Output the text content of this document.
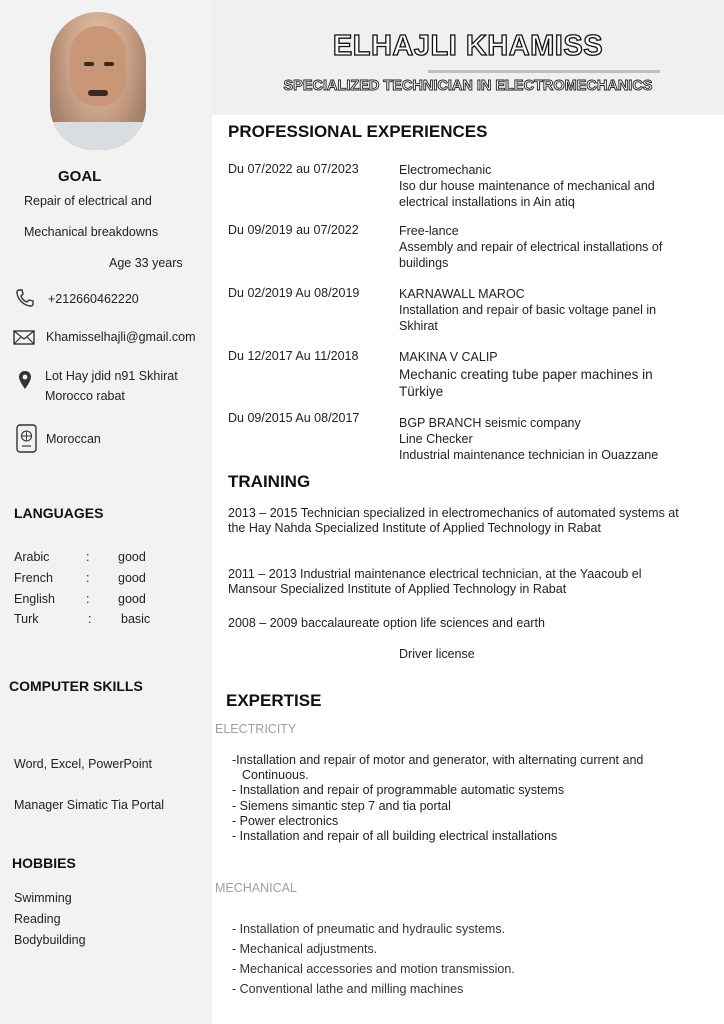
GOAL
Repair of electrical and
Mechanical breakdowns
Age 33 years
+212660462220
Khamisselhajli@gmail.com
Lot Hay jdid n91 Skhirat
Morocco rabat
Moroccan
LANGUAGES
Arabic	: good
French	: good
English : good
Turk	: basic
COMPUTER SKILLS
Word, Excel, PowerPoint
Manager Simatic Tia Portal
HOBBIES
Swimming
Reading
Bodybuilding
ELHAJLI KHAMISS
SPECIALIZED TECHNICIAN IN ELECTROMECHANICS
PROFESSIONAL EXPERIENCES
Du 07/2022 au 07/2023	Electromechanic
Iso dur house maintenance of mechanical and
electrical installations in Ain atiq
Du 09/2019 au 07/2022	Free-lance
Assembly and repair of electrical installations of
buildings
Du 02/2019 Au 08/2019	KARNAWALL MAROC
Installation and repair of basic voltage panel in
Skhirat
Du 12/2017 Au 11/2018	MAKINA V CALIP
Mechanic creating tube paper machines in
Türkiye
Du 09/2015 Au 08/2017	BGP BRANCH seismic company
Line Checker
Industrial maintenance technician in Ouazzane
TRAINING
2013 – 2015 Technician specialized in electromechanics of automated systems at the Hay Nahda Specialized Institute of Applied Technology in Rabat
2011 – 2013 Industrial maintenance electrical technician, at the Yaacoub el Mansour Specialized Institute of Applied Technology in Rabat
2008 – 2009 baccalaureate option life sciences and earth
Driver license
EXPERTISE
ELECTRICITY
-Installation and repair of motor and generator, with alternating current and
Continuous.
- Installation and repair of programmable automatic systems
- Siemens simantic step 7 and tia portal
- Power electronics
- Installation and repair of all building electrical installations
MECHANICAL
- Installation of pneumatic and hydraulic systems.
- Mechanical adjustments.
- Mechanical accessories and motion transmission.
- Conventional lathe and milling machines
